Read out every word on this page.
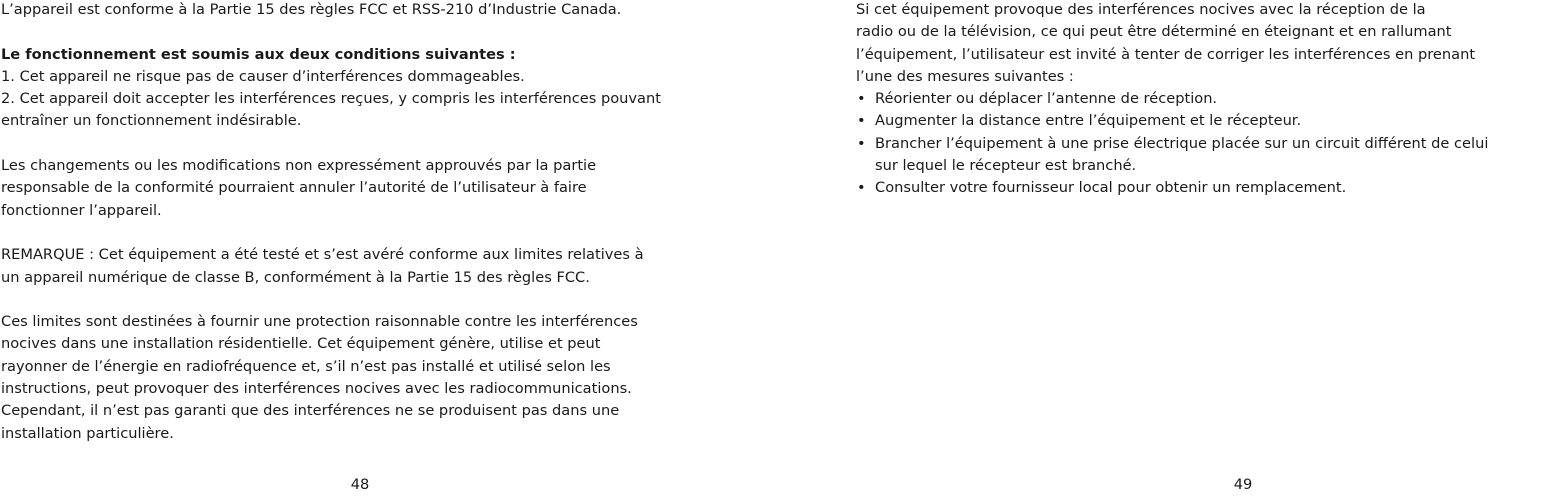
L’appareil est conforme à la Partie 15 des règles FCC et RSS-210 d’Industrie Canada.
Le fonctionnement est soumis aux deux conditions suivantes :
1. Cet appareil ne risque pas de causer d’interférences dommageables.
2. Cet appareil doit accepter les interférences reçues, y compris les interférences pouvant
entraîner un fonctionnement indésirable.
Les changements ou les modifications non expressément approuvés par la partie
responsable de la conformité pourraient annuler l’autorité de l’utilisateur à faire
fonctionner l’appareil.
REMARQUE : Cet équipement a été testé et s’est avéré conforme aux limites relatives à
un appareil numérique de classe B, conformément à la Partie 15 des règles FCC.
Ces limites sont destinées à fournir une protection raisonnable contre les interférences
nocives dans une installation résidentielle. Cet équipement génère, utilise et peut
rayonner de l’énergie en radiofréquence et, s’il n’est pas installé et utilisé selon les
instructions, peut provoquer des interférences nocives avec les radiocommunications.
Cependant, il n’est pas garanti que des interférences ne se produisent pas dans une
installation particulière.
48
Si cet équipement provoque des interférences nocives avec la réception de la
radio ou de la télévision, ce qui peut être déterminé en éteignant et en rallumant
l’équipement, l’utilisateur est invité à tenter de corriger les interférences en prenant
l’une des mesures suivantes :
• Réorienter ou déplacer l’antenne de réception.
• Augmenter la distance entre l’équipement et le récepteur.
• Brancher l’équipement à une prise électrique placée sur un circuit différent de celui
sur lequel le récepteur est branché.
• Consulter votre fournisseur local pour obtenir un remplacement.
49
